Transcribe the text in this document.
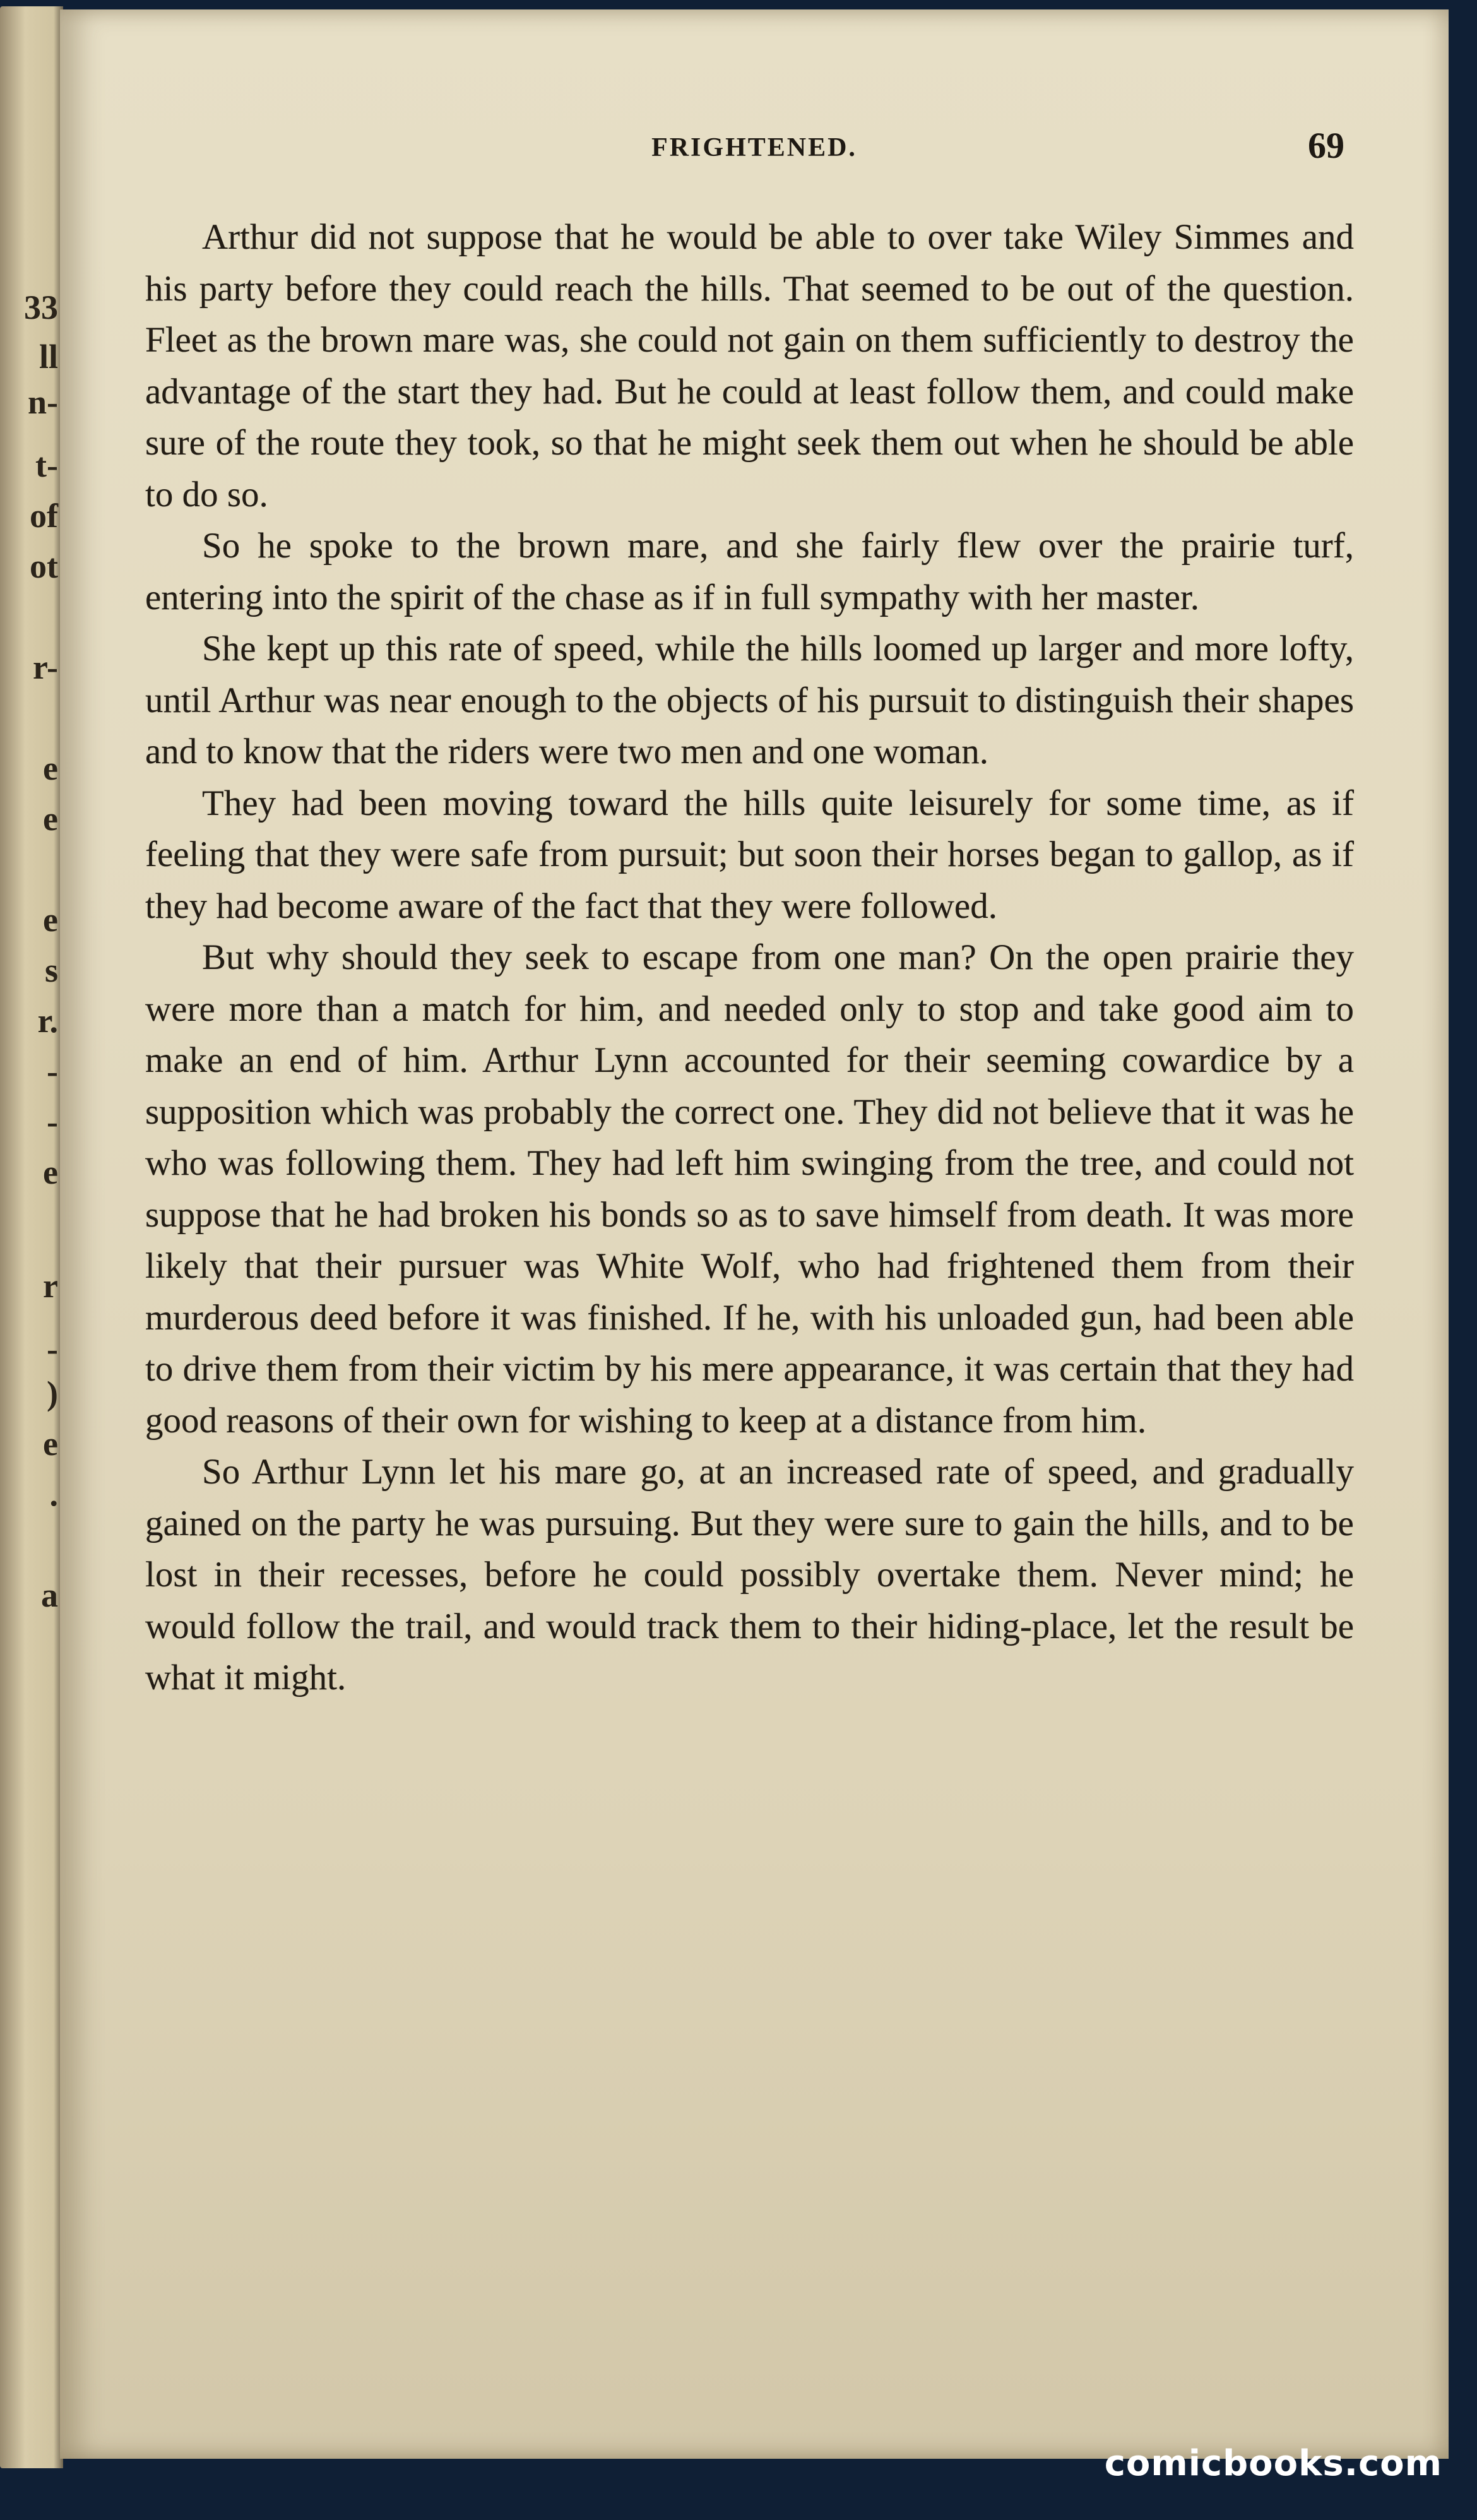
33

ll

n-

t-

of

ot

r-

e

e

e

s

r.

-

-

e

r

-

)

e

.

a

FRIGHTENED.	69

Arthur did not suppose that he would be able to over take Wiley Simmes and his party before they could reach the hills. That seemed to be out of the question. Fleet as the brown mare was, she could not gain on them sufficiently to destroy the advantage of the start they had. But he could at least follow them, and could make sure of the route they took, so that he might seek them out when he should be able to do so.

So he spoke to the brown mare, and she fairly flew over the prairie turf, entering into the spirit of the chase as if in full sympathy with her master.

She kept up this rate of speed, while the hills loomed up larger and more lofty, until Arthur was near enough to the objects of his pursuit to distinguish their shapes and to know that the riders were two men and one woman.

They had been moving toward the hills quite leisurely for some time, as if feeling that they were safe from pursuit; but soon their horses began to gallop, as if they had become aware of the fact that they were followed.

But why should they seek to escape from one man? On the open prairie they were more than a match for him, and needed only to stop and take good aim to make an end of him. Arthur Lynn accounted for their seeming cowardice by a supposition which was probably the correct one. They did not believe that it was he who was following them. They had left him swinging from the tree, and could not suppose that he had broken his bonds so as to save himself from death. It was more likely that their pursuer was White Wolf, who had frightened them from their murderous deed before it was finished. If he, with his unloaded gun, had been able to drive them from their victim by his mere appearance, it was certain that they had good reasons of their own for wishing to keep at a distance from him.

So Arthur Lynn let his mare go, at an increased rate of speed, and gradually gained on the party he was pursuing. But they were sure to gain the hills, and to be lost in their recesses, before he could possibly overtake them. Never mind; he would follow the trail, and would track them to their hiding-place, let the result be what it might.

comicbooks.com
